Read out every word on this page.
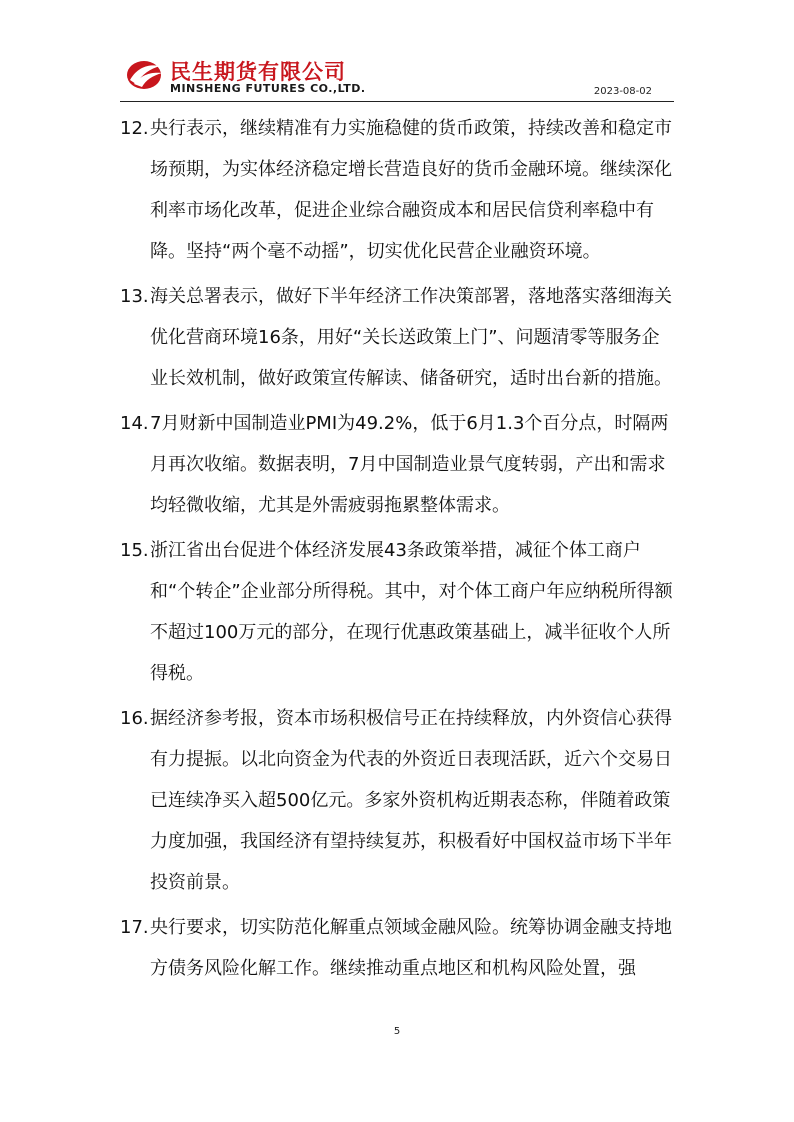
民生期货有限公司
MINSHENG FUTURES CO.,LTD.	2023-08-02
12. 央行表示，继续精准有力实施稳健的货币政策，持续改善和稳定市场预期，为实体经济稳定增长营造良好的货币金融环境。继续深化利率市场化改革，促进企业综合融资成本和居民信贷利率稳中有降。坚持“两个毫不动摇”，切实优化民营企业融资环境。
13. 海关总署表示，做好下半年经济工作决策部署，落地落实落细海关优化营商环境16条，用好“关长送政策上门”、问题清零等服务企业长效机制，做好政策宣传解读、储备研究，适时出台新的措施。
14. 7月财新中国制造业PMI为49.2%，低于6月1.3个百分点，时隔两月再次收缩。数据表明，7月中国制造业景气度转弱，产出和需求均轻微收缩，尤其是外需疲弱拖累整体需求。
15. 浙江省出台促进个体经济发展43条政策举措，减征个体工商户和“个转企”企业部分所得税。其中，对个体工商户年应纳税所得额不超过100万元的部分，在现行优惠政策基础上，减半征收个人所得税。
16. 据经济参考报，资本市场积极信号正在持续释放，内外资信心获得有力提振。以北向资金为代表的外资近日表现活跃，近六个交易日已连续净买入超500亿元。多家外资机构近期表态称，伴随着政策力度加强，我国经济有望持续复苏，积极看好中国权益市场下半年投资前景。
17. 央行要求，切实防范化解重点领域金融风险。统筹协调金融支持地方债务风险化解工作。继续推动重点地区和机构风险处置，强
5
